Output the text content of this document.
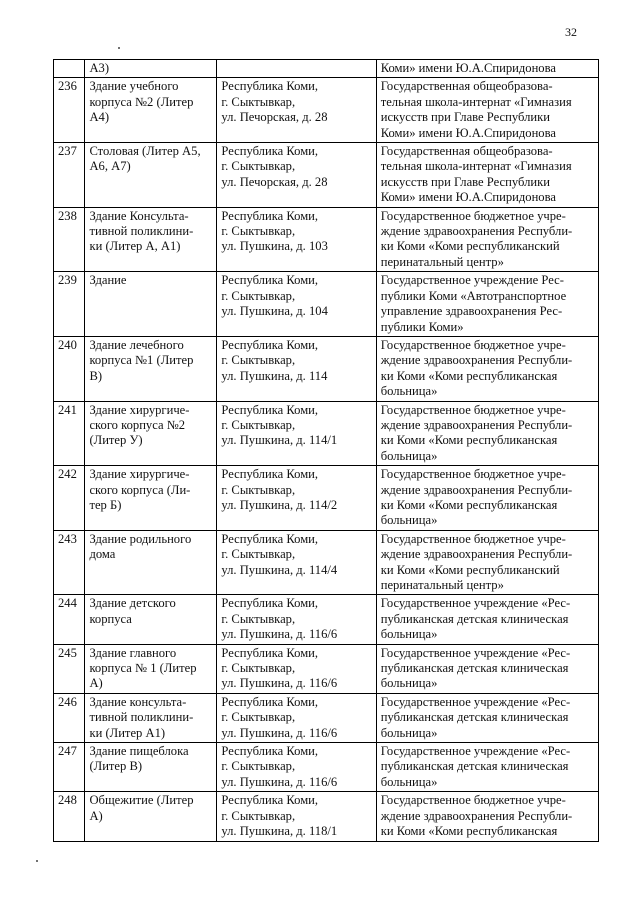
32

	А3)		Коми» имени Ю.А.Спиридонова

236	Здание учебного
корпуса №2 (Литер
А4)	Республика Коми,
г. Сыктывкар,
ул. Печорская, д. 28	Государственная общеобразова-
тельная школа-интернат «Гимназия
искусств при Главе Республики
Коми» имени Ю.А.Спиридонова

237	Столовая (Литер А5,
А6, А7)	Республика Коми,
г. Сыктывкар,
ул. Печорская, д. 28	Государственная общеобразова-
тельная школа-интернат «Гимназия
искусств при Главе Республики
Коми» имени Ю.А.Спиридонова

238	Здание Консульта-
тивной поликлини-
ки (Литер А, А1)	Республика Коми,
г. Сыктывкар,
ул. Пушкина, д. 103	Государственное бюджетное учре-
ждение здравоохранения Республи-
ки Коми «Коми республиканский
перинатальный центр»

239	Здание	Республика Коми,
г. Сыктывкар,
ул. Пушкина, д. 104	Государственное учреждение Рес-
публики Коми «Автотранспортное
управление здравоохранения Рес-
публики Коми»

240	Здание лечебного
корпуса №1 (Литер
В)	Республика Коми,
г. Сыктывкар,
ул. Пушкина, д. 114	Государственное бюджетное учре-
ждение здравоохранения Республи-
ки Коми «Коми республиканская
больница»

241	Здание хирургиче-
ского корпуса №2
(Литер У)	Республика Коми,
г. Сыктывкар,
ул. Пушкина, д. 114/1	Государственное бюджетное учре-
ждение здравоохранения Республи-
ки Коми «Коми республиканская
больница»

242	Здание хирургиче-
ского корпуса (Ли-
тер Б)	Республика Коми,
г. Сыктывкар,
ул. Пушкина, д. 114/2	Государственное бюджетное учре-
ждение здравоохранения Республи-
ки Коми «Коми республиканская
больница»

243	Здание родильного
дома	Республика Коми,
г. Сыктывкар,
ул. Пушкина, д. 114/4	Государственное бюджетное учре-
ждение здравоохранения Республи-
ки Коми «Коми республиканский
перинатальный центр»

244	Здание детского
корпуса	Республика Коми,
г. Сыктывкар,
ул. Пушкина, д. 116/6	Государственное учреждение «Рес-
публиканская детская клиническая
больница»

245	Здание главного
корпуса № 1 (Литер
А)	Республика Коми,
г. Сыктывкар,
ул. Пушкина, д. 116/6	Государственное учреждение «Рес-
публиканская детская клиническая
больница»

246	Здание консульта-
тивной поликлини-
ки (Литер А1)	Республика Коми,
г. Сыктывкар,
ул. Пушкина, д. 116/6	Государственное учреждение «Рес-
публиканская детская клиническая
больница»

247	Здание пищеблока
(Литер В)	Республика Коми,
г. Сыктывкар,
ул. Пушкина, д. 116/6	Государственное учреждение «Рес-
публиканская детская клиническая
больница»

248	Общежитие (Литер
А)	Республика Коми,
г. Сыктывкар,
ул. Пушкина, д. 118/1	Государственное бюджетное учре-
ждение здравоохранения Республи-
ки Коми «Коми республиканская
